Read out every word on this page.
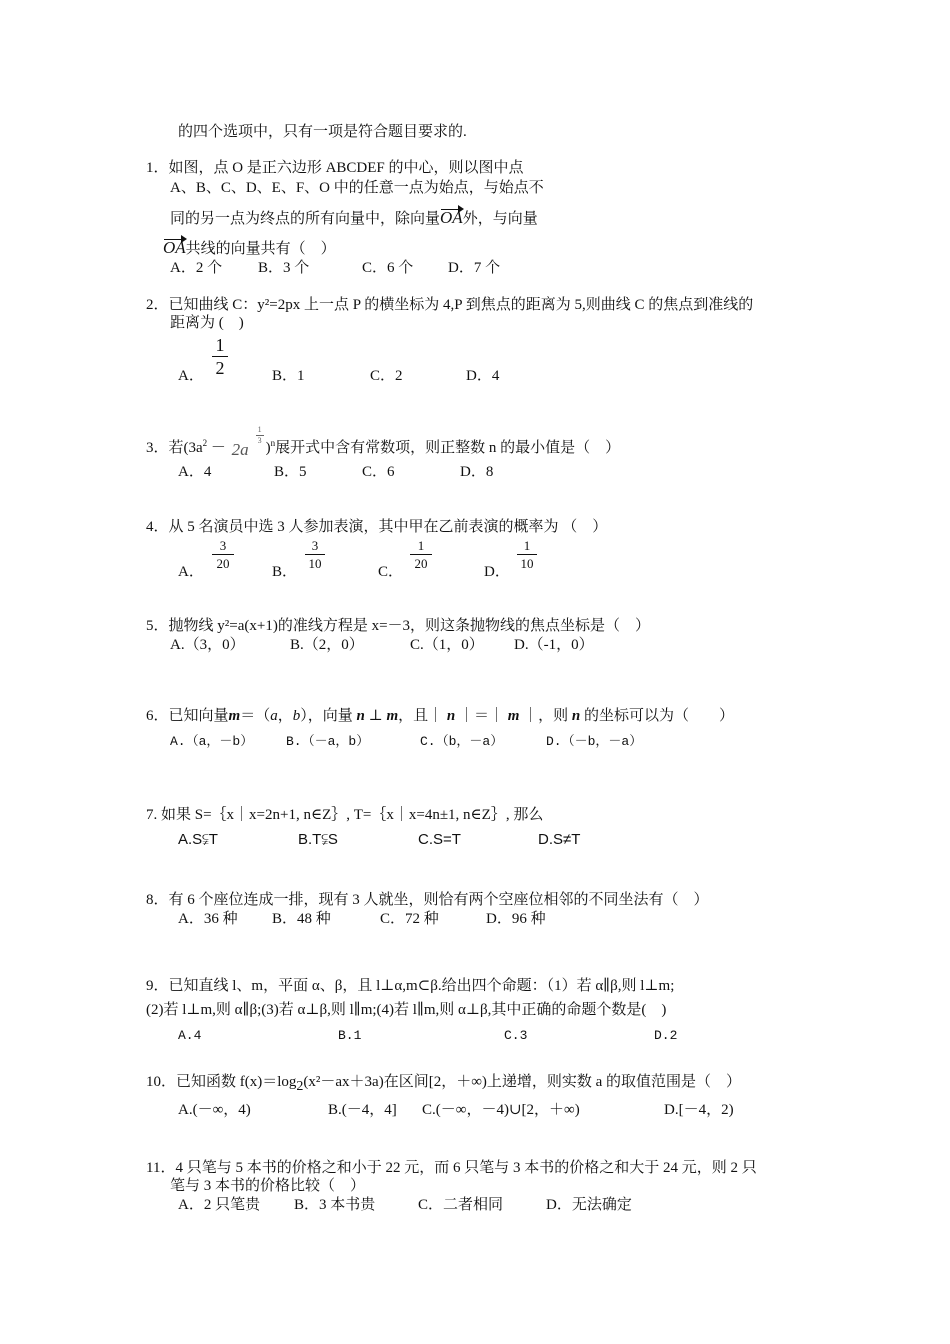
的四个选项中，只有一项是符合题目要求的.
1．如图，点 O 是正六边形 ABCDEF 的中心，则以图中点
A、B、C、D、E、F、O 中的任意一点为始点，与始点不
同的另一点为终点的所有向量中，除向量OA外，与向量
OA共线的向量共有（　）
A．2 个 B．3 个	C．6 个 D．7 个
2．已知曲线 C：y²=2px 上一点 P 的横坐标为 4,P 到焦点的距离为 5,则曲线 C 的焦点到准线的
距离为 (　)
A．
1
2	B．1	C．2	D．4
3．若($3a^2 - 2a$
1
3 )$^n$展开式中含有常数项，则正整数 n 的最小值是（　）
A．4	B．5	C．6	D．8
4．从 5 名演员中选 3 人参加表演，其中甲在乙前表演的概率为 （　）
A．
3
20
B．
3
10
C．
1
20
D．
1
10
5．抛物线 y²=a(x+1)的准线方程是 x=－3，则这条抛物线的焦点坐标是（　）
A.（3，0）	B.（2，0）	C.（1，0） D.（-1，0）
6．已知向量m＝（a，b），向量 n ⊥ m，且｜ n ｜＝｜ m ｜，则 n 的坐标可以为（　　）
A.（a，－b）	B.（－a，b）	C.（b，－a）	D.（－b，－a）
7. 如果 S=｛x｜x=2n+1, n∈Z｝, T=｛x｜x=4n±1, n∈Z｝, 那么
A.S⫋T	B.T⫋S	C.S=T	D.S≠T
8．有 6 个座位连成一排，现有 3 人就坐，则恰有两个空座位相邻的不同坐法有（　）
A．36 种 B．48 种	C．72 种	D．96 种
9．已知直线 l、m，平面 α、β，且 l⊥α,m⊂β.给出四个命题：（1）若 α∥β,则 l⊥m;
(2)若 l⊥m,则 α∥β;(3)若 α⊥β,则 l∥m;(4)若 l∥m,则 α⊥β,其中正确的命题个数是(　)
A.4	B.1	C.3	D.2
10．已知函数 $f(x)=\log_2(x^2-ax+3a)$在区间[2，＋∞)上递增，则实数 a 的取值范围是（　）
A.(－∞，4)	B.(－4，4] C.(－∞，－4)∪[2，＋∞)	D.[－4，2)
11．4 只笔与 5 本书的价格之和小于 22 元，而 6 只笔与 3 本书的价格之和大于 24 元，则 2 只
笔与 3 本书的价格比较（　）
A．2 只笔贵 B．3 本书贵	C．二者相同	D．无法确定
